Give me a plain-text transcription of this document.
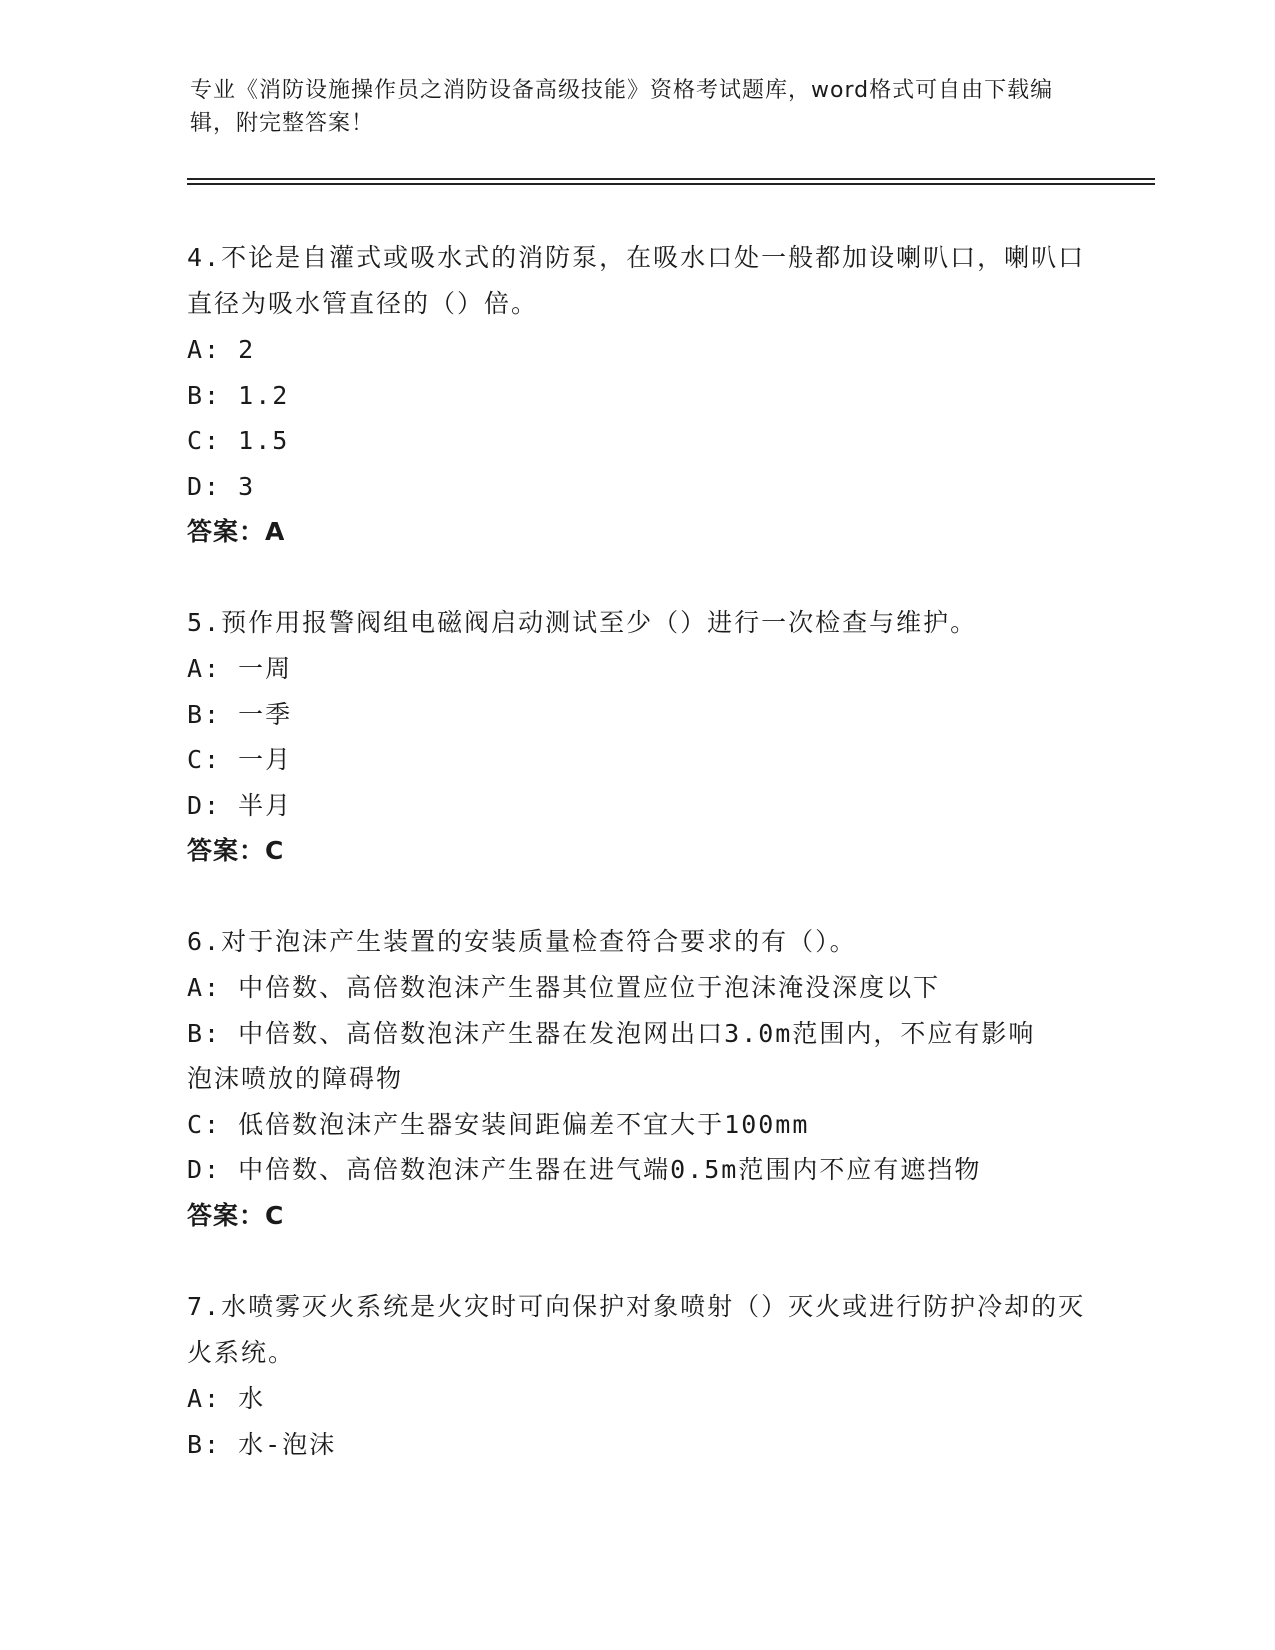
专业《消防设施操作员之消防设备高级技能》资格考试题库，word格式可自由下载编辑，附完整答案！
4.不论是自灌式或吸水式的消防泵，在吸水口处一般都加设喇叭口，喇叭口直径为吸水管直径的（）倍。
A: 2
B: 1.2
C: 1.5
D: 3
答案：A
5.预作用报警阀组电磁阀启动测试至少（）进行一次检查与维护。
A: 一周
B: 一季
C: 一月
D: 半月
答案：C
6.对于泡沫产生装置的安装质量检查符合要求的有（）。
A: 中倍数、高倍数泡沫产生器其位置应位于泡沫淹没深度以下
B: 中倍数、高倍数泡沫产生器在发泡网出口3.0m范围内，不应有影响泡沫喷放的障碍物
C: 低倍数泡沫产生器安装间距偏差不宜大于100mm
D: 中倍数、高倍数泡沫产生器在进气端0.5m范围内不应有遮挡物
答案：C
7.水喷雾灭火系统是火灾时可向保护对象喷射（）灭火或进行防护冷却的灭火系统。
A: 水
B: 水-泡沫
